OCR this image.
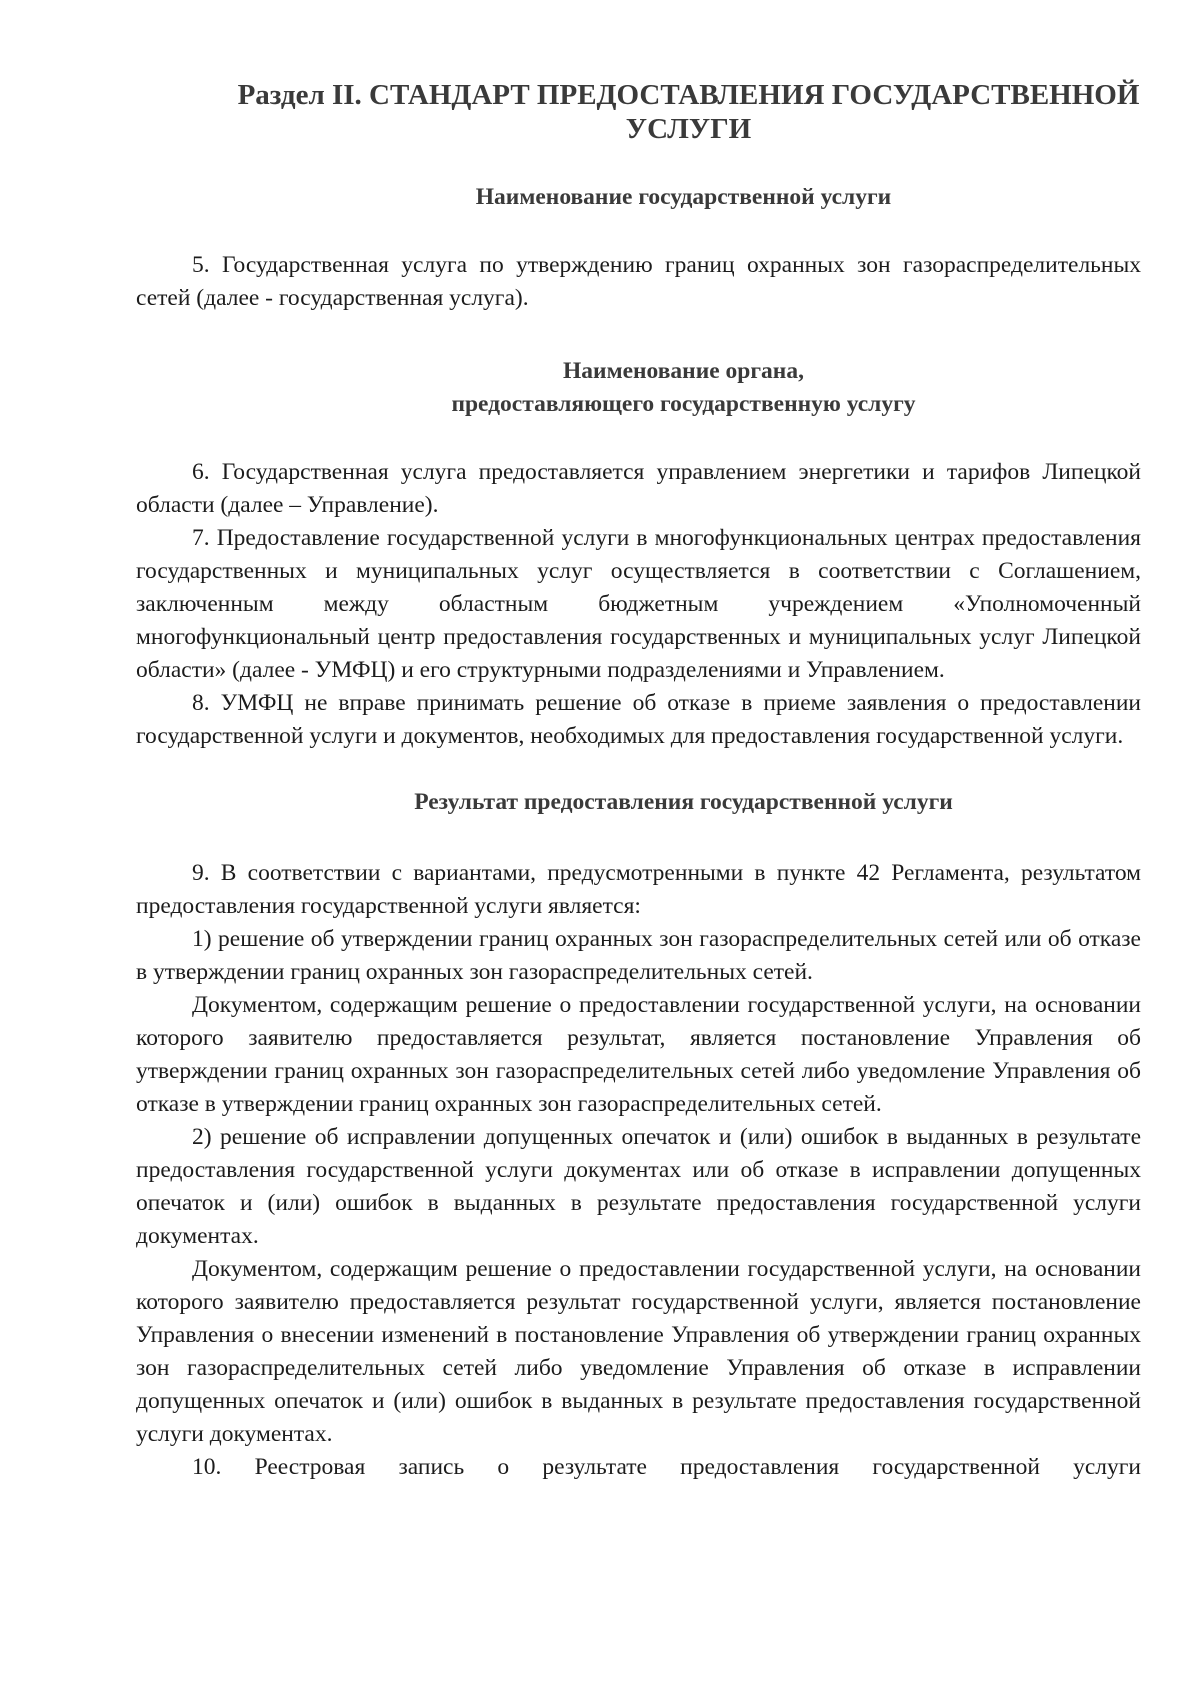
Раздел II. СТАНДАРТ ПРЕДОСТАВЛЕНИЯ ГОСУДАРСТВЕННОЙ

УСЛУГИ
Наименование государственной услуги

5. Государственная услуга по утверждению границ охранных зон газораспределительных сетей (далее - государственная услуга).

Наименование органа,
предоставляющего государственную услугу

6. Государственная услуга предоставляется управлением энергетики и тарифов Липецкой области (далее – Управление).

7. Предоставление государственной услуги в многофункциональных центрах предоставления государственных и муниципальных услуг осуществляется в соответствии с Соглашением, заключенным между областным бюджетным учреждением «Уполномоченный многофункциональный центр предоставления государственных и муниципальных услуг Липецкой области» (далее - УМФЦ) и его структурными подразделениями и Управлением.

8. УМФЦ не вправе принимать решение об отказе в приеме заявления о предоставлении государственной услуги и документов, необходимых для предоставления государственной услуги.

Результат предоставления государственной услуги

9. В соответствии с вариантами, предусмотренными в пункте 42 Регламента, результатом предоставления государственной услуги является:

1) решение об утверждении границ охранных зон газораспределительных сетей или об отказе в утверждении границ охранных зон газораспределительных сетей.

Документом, содержащим решение о предоставлении государственной услуги, на основании которого заявителю предоставляется результат, является постановление Управления об утверждении границ охранных зон газораспределительных сетей либо уведомление Управления об отказе в утверждении границ охранных зон газораспределительных сетей.

2) решение об исправлении допущенных опечаток и (или) ошибок в выданных в результате предоставления государственной услуги документах или об отказе в исправлении допущенных опечаток и (или) ошибок в выданных в результате предоставления государственной услуги документах.

Документом, содержащим решение о предоставлении государственной услуги, на основании которого заявителю предоставляется результат государственной услуги, является постановление Управления о внесении изменений в постановление Управления об утверждении границ охранных зон газораспределительных сетей либо уведомление Управления об отказе в исправлении допущенных опечаток и (или) ошибок в выданных в результате предоставления государственной услуги документах.

10. Реестровая запись о результате предоставления государственной услуги
